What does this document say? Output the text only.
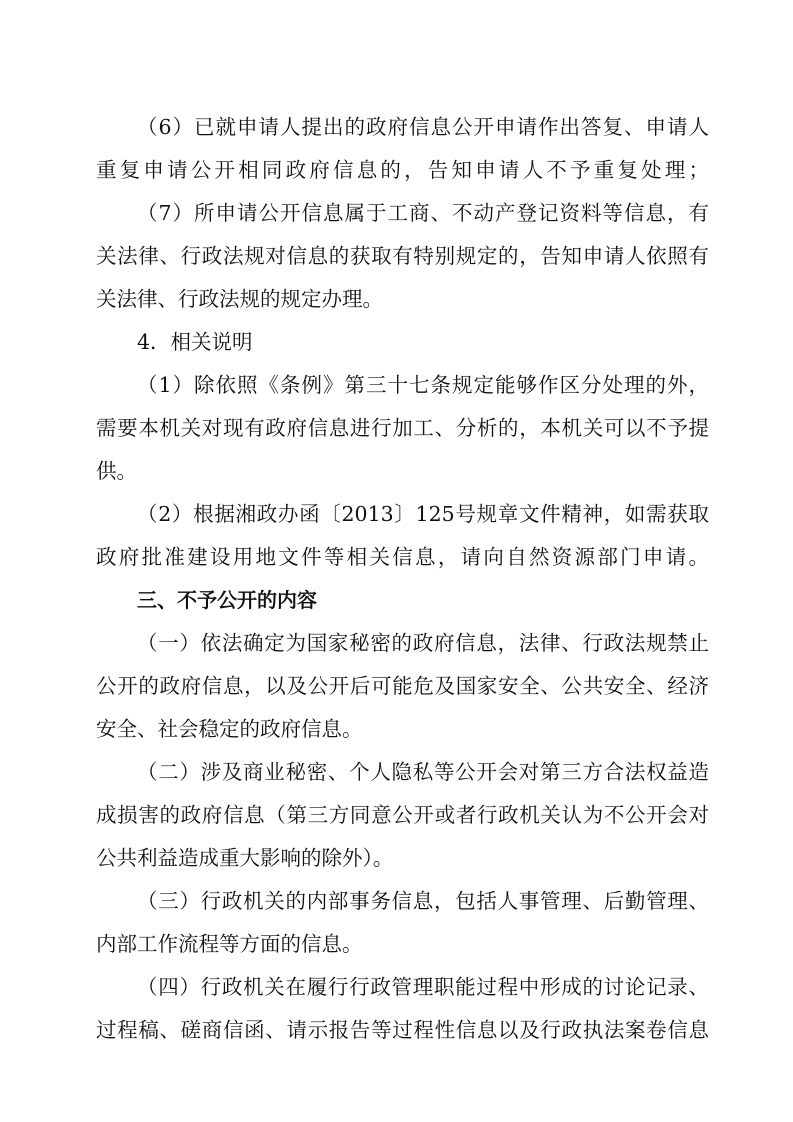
（6）已就申请人提出的政府信息公开申请作出答复、申请人
重复申请公开相同政府信息的，告知申请人不予重复处理；
（7）所申请公开信息属于工商、不动产登记资料等信息，有
关法律、行政法规对信息的获取有特别规定的，告知申请人依照有
关法律、行政法规的规定办理。
4．相关说明
（1）除依照《条例》第三十七条规定能够作区分处理的外，
需要本机关对现有政府信息进行加工、分析的，本机关可以不予提
供。
（2）根据湘政办函〔2013〕125号规章文件精神，如需获取
政府批准建设用地文件等相关信息，请向自然资源部门申请。
三、不予公开的内容
（一）依法确定为国家秘密的政府信息，法律、行政法规禁止
公开的政府信息，以及公开后可能危及国家安全、公共安全、经济
安全、社会稳定的政府信息。
（二）涉及商业秘密、个人隐私等公开会对第三方合法权益造
成损害的政府信息（第三方同意公开或者行政机关认为不公开会对
公共利益造成重大影响的除外）。
（三）行政机关的内部事务信息，包括人事管理、后勤管理、
内部工作流程等方面的信息。
（四）行政机关在履行行政管理职能过程中形成的讨论记录、
过程稿、磋商信函、请示报告等过程性信息以及行政执法案卷信息
